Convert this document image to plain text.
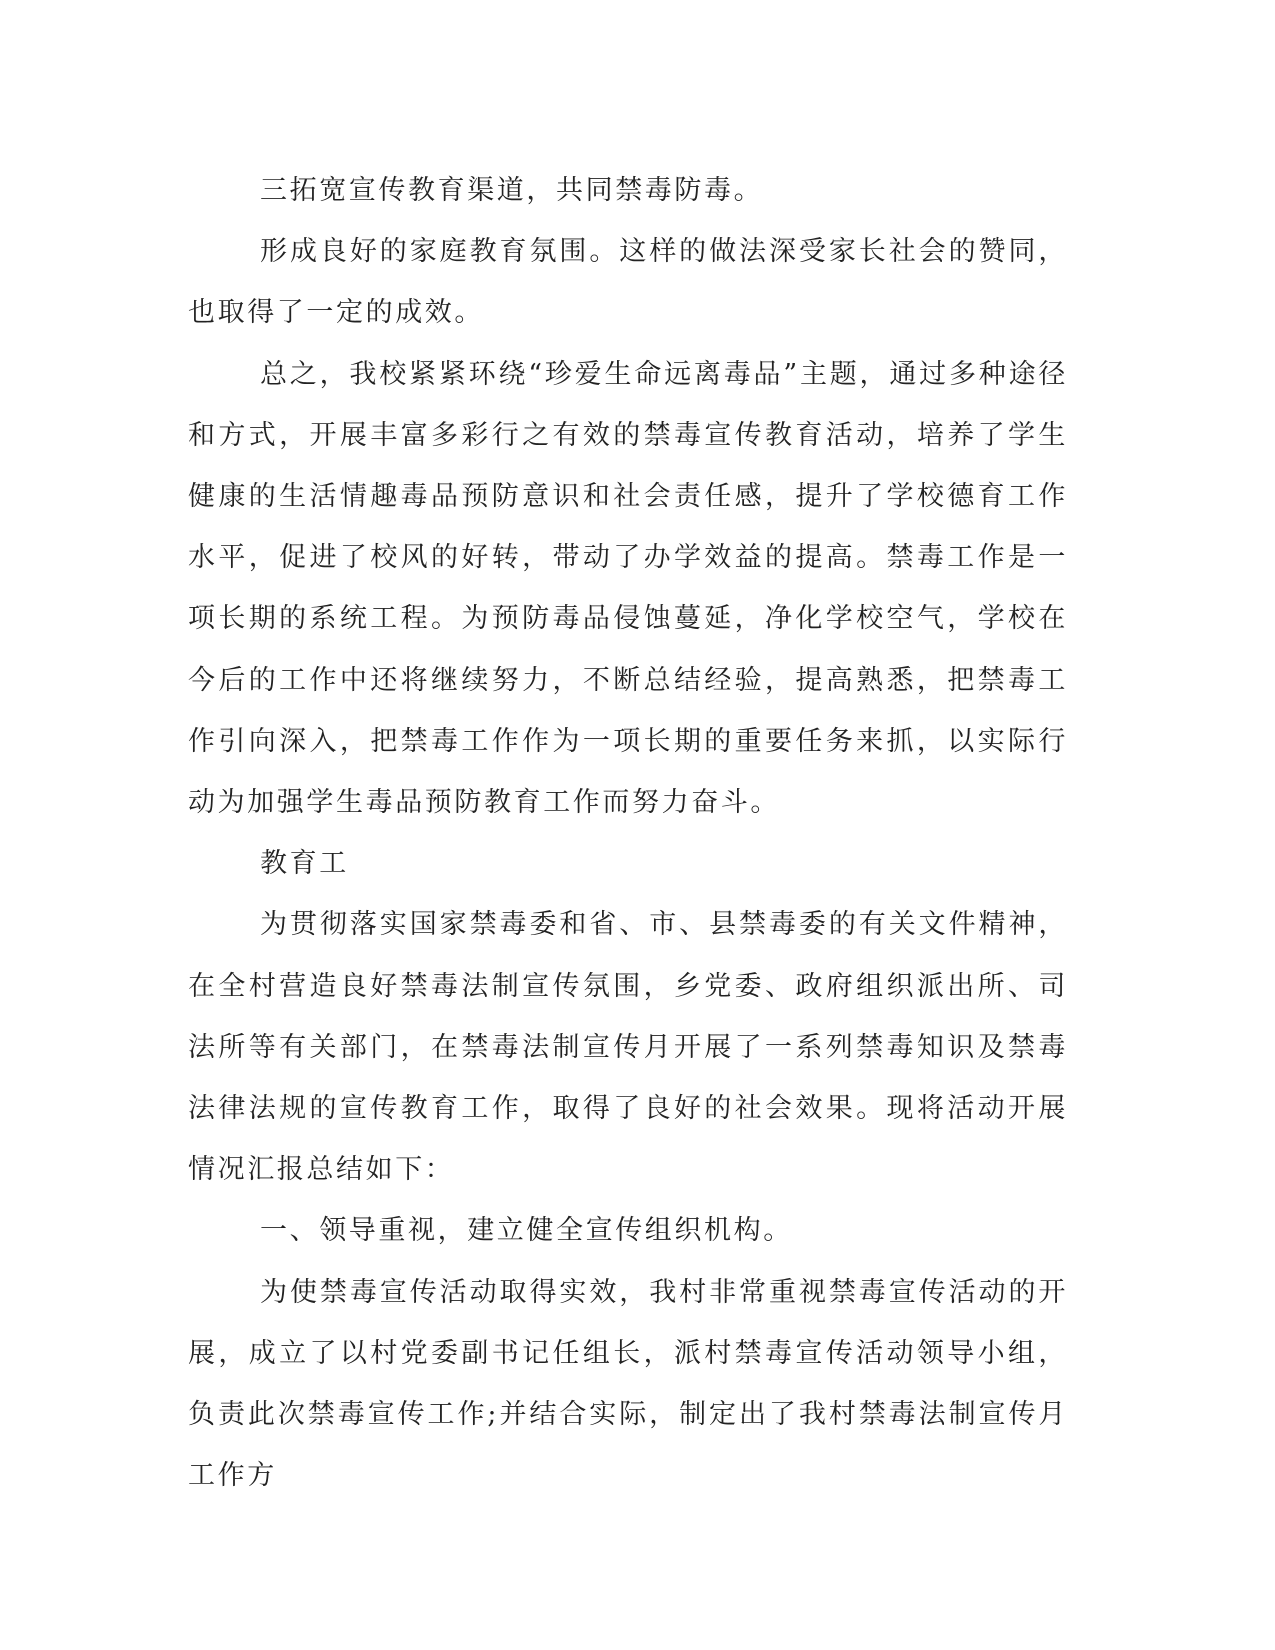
三拓宽宣传教育渠道，共同禁毒防毒。

形成良好的家庭教育氛围。这样的做法深受家长社会的赞同，也取得了一定的成效。

总之，我校紧紧环绕“珍爱生命远离毒品”主题，通过多种途径和方式，开展丰富多彩行之有效的禁毒宣传教育活动，培养了学生健康的生活情趣毒品预防意识和社会责任感，提升了学校德育工作水平，促进了校风的好转，带动了办学效益的提高。禁毒工作是一项长期的系统工程。为预防毒品侵蚀蔓延，净化学校空气，学校在今后的工作中还将继续努力，不断总结经验，提高熟悉，把禁毒工作引向深入，把禁毒工作作为一项长期的重要任务来抓，以实际行动为加强学生毒品预防教育工作而努力奋斗。

教育工

为贯彻落实国家禁毒委和省、市、县禁毒委的有关文件精神，在全村营造良好禁毒法制宣传氛围，乡党委、政府组织派出所、司法所等有关部门，在禁毒法制宣传月开展了一系列禁毒知识及禁毒法律法规的宣传教育工作，取得了良好的社会效果。现将活动开展情况汇报总结如下：

一、领导重视，建立健全宣传组织机构。

为使禁毒宣传活动取得实效，我村非常重视禁毒宣传活动的开展，成立了以村党委副书记任组长，派村禁毒宣传活动领导小组，负责此次禁毒宣传工作;并结合实际，制定出了我村禁毒法制宣传月工作方
